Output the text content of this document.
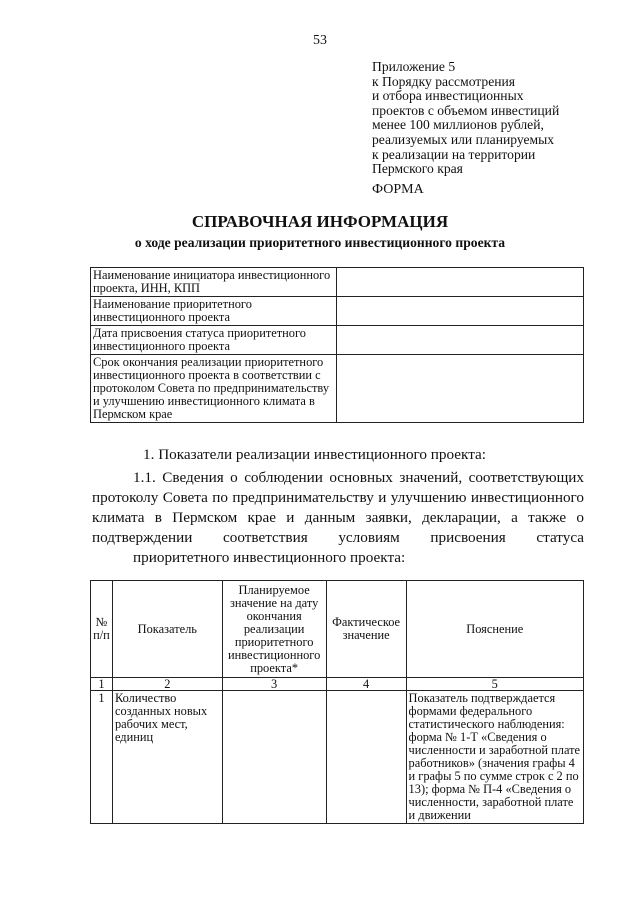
53
Приложение 5
к Порядку рассмотрения
и отбора инвестиционных
проектов с объемом инвестиций
менее 100 миллионов рублей,
реализуемых или планируемых
к реализации на территории
Пермского края
ФОРМА
СПРАВОЧНАЯ ИНФОРМАЦИЯ
о ходе реализации приоритетного инвестиционного проекта
Наименование инициатора инвестиционного проекта, ИНН, КПП	
Наименование приоритетного инвестиционного проекта	
Дата присвоения статуса приоритетного инвестиционного проекта	
Срок окончания реализации приоритетного инвестиционного проекта в соответствии с протоколом Совета по предпринимательству и улучшению инвестиционного климата в Пермском крае	
1. Показатели реализации инвестиционного проекта:
1.1. Сведения о соблюдении основных значений, соответствующих протоколу Совета по предпринимательству и улучшению инвестиционного климата в Пермском крае и данным заявки, декларации, а также о подтверждении соответствия условиям присвоения статуса
приоритетного инвестиционного проекта:
№ п/п	Показатель	Планируемое значение на дату окончания реализации приоритетного инвестиционного проекта*	Фактическое значение	Пояснение
1	2	3	4	5
1	Количество созданных новых рабочих мест, единиц			Показатель подтверждается формами федерального статистического наблюдения: форма № 1-Т «Сведения о численности и заработной плате работников» (значения графы 4 и графы 5 по сумме строк с 2 по 13); форма № П-4 «Сведения о численности, заработной плате и движении
